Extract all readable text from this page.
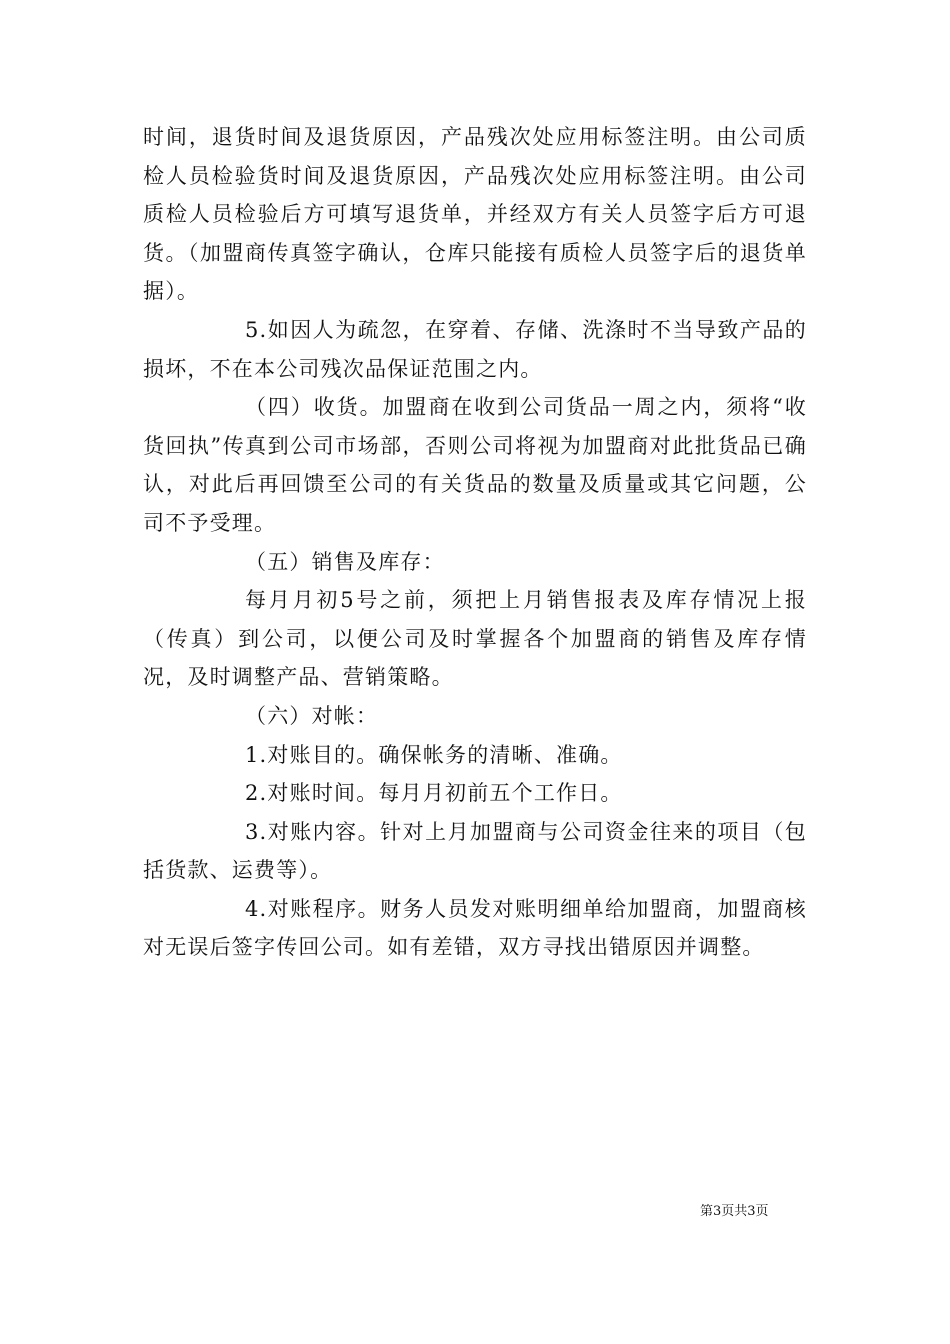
时间，退货时间及退货原因，产品残次处应用标签注明。由公司质检人员检验货时间及退货原因，产品残次处应用标签注明。由公司质检人员检验后方可填写退货单，并经双方有关人员签字后方可退货。（加盟商传真签字确认，仓库只能接有质检人员签字后的退货单据）。

5.如因人为疏忽，在穿着、存储、洗涤时不当导致产品的损坏，不在本公司残次品保证范围之内。

（四）收货。加盟商在收到公司货品一周之内，须将“收货回执”传真到公司市场部，否则公司将视为加盟商对此批货品已确认，对此后再回馈至公司的有关货品的数量及质量或其它问题，公司不予受理。

（五）销售及库存：

每月月初5号之前，须把上月销售报表及库存情况上报（传真）到公司，以便公司及时掌握各个加盟商的销售及库存情况，及时调整产品、营销策略。

（六）对帐：

1.对账目的。确保帐务的清晰、准确。

2.对账时间。每月月初前五个工作日。

3.对账内容。针对上月加盟商与公司资金往来的项目（包括货款、运费等）。

4.对账程序。财务人员发对账明细单给加盟商，加盟商核对无误后签字传回公司。如有差错，双方寻找出错原因并调整。

第3页共3页
